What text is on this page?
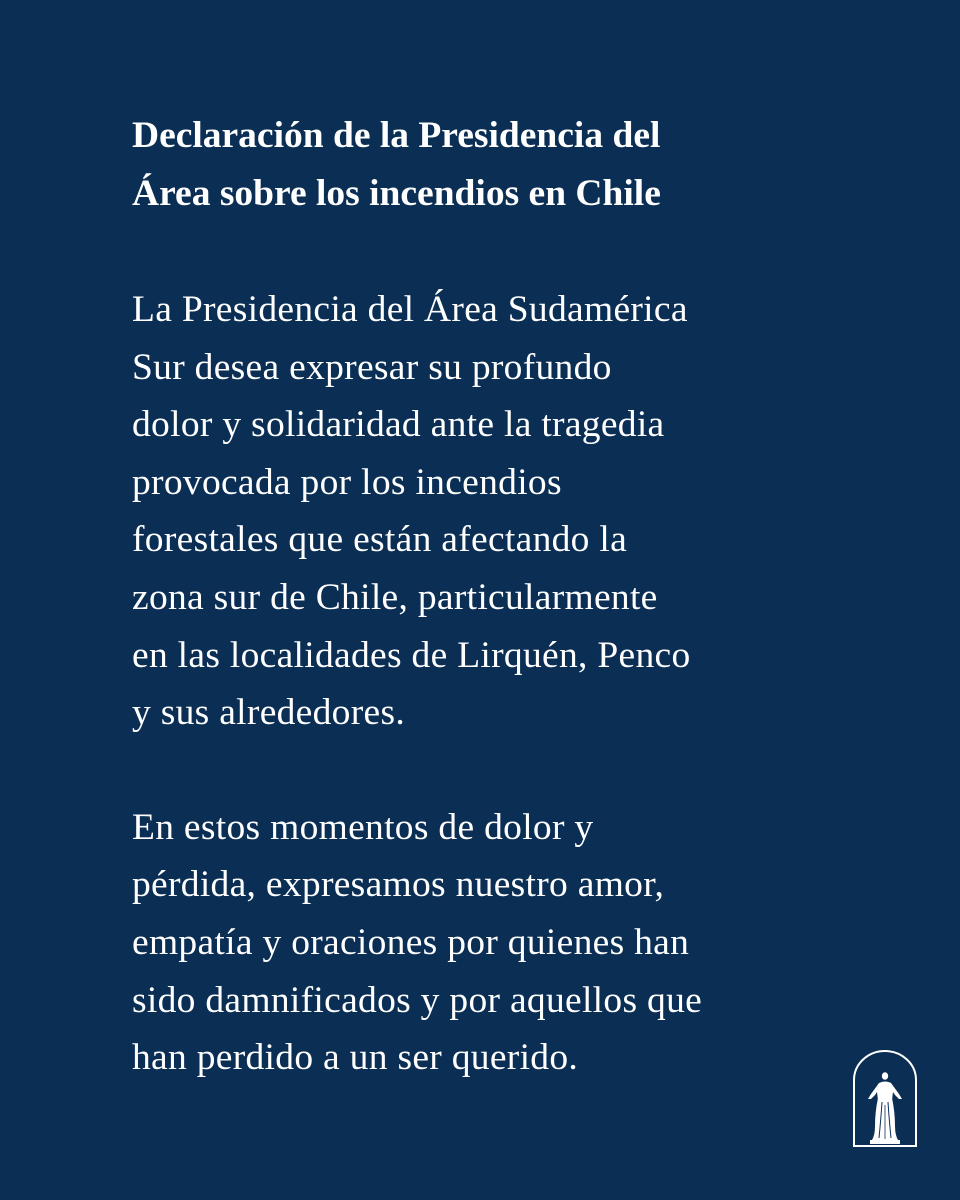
Declaración de la Presidencia del
Área sobre los incendios en Chile

La Presidencia del Área Sudamérica
Sur desea expresar su profundo
dolor y solidaridad ante la tragedia
provocada por los incendios
forestales que están afectando la
zona sur de Chile, particularmente
en las localidades de Lirquén, Penco
y sus alrededores.

En estos momentos de dolor y
pérdida, expresamos nuestro amor,
empatía y oraciones por quienes han
sido damnificados y por aquellos que
han perdido a un ser querido.
